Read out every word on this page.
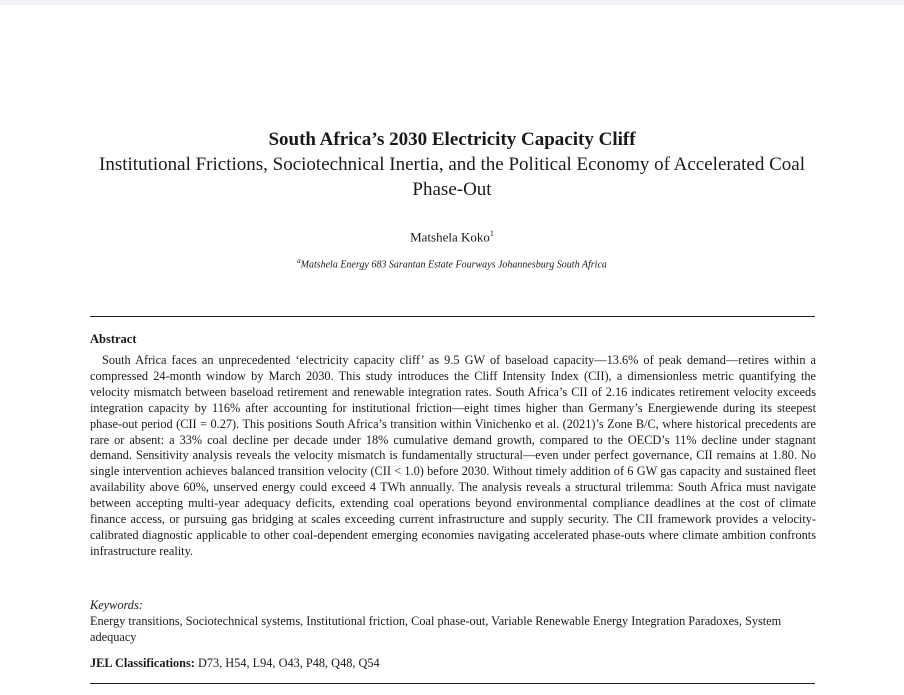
South Africa’s 2030 Electricity Capacity Cliff
Institutional Frictions, Sociotechnical Inertia, and the Political Economy of Accelerated Coal Phase-Out
Matshela Koko$^1$
$^a$Matshela Energy 683 Sarantan Estate Fourways Johannesburg South Africa
Abstract

South Africa faces an unprecedented ‘electricity capacity cliff’ as 9.5 GW of baseload capacity—13.6% of peak demand—retires within a compressed 24-month window by March 2030. This study introduces the Cliff Intensity Index (CII), a dimensionless metric quantifying the velocity mismatch between baseload retirement and renewable integration rates. South Africa’s CII of 2.16 indicates retirement velocity exceeds integration capacity by 116% after accounting for institutional friction—eight times higher than Germany’s Energiewende during its steepest phase-out period (CII = 0.27). This positions South Africa’s transition within Vinichenko et al. (2021)’s Zone B/C, where historical precedents are rare or absent: a 33% coal decline per decade under 18% cumulative demand growth, compared to the OECD’s 11% decline under stagnant demand. Sensitivity analysis reveals the velocity mismatch is fundamentally structural—even under perfect governance, CII remains at 1.80. No single intervention achieves balanced transition velocity (CII < 1.0) before 2030. Without timely addition of 6 GW gas capacity and sustained fleet availability above 60%, unserved energy could exceed 4 TWh annually. The analysis reveals a structural trilemma: South Africa must navigate between accepting multi-year adequacy deficits, extending coal operations beyond environmental compliance deadlines at the cost of climate finance access, or pursuing gas bridging at scales exceeding current infrastructure and supply security. The CII framework provides a velocity-calibrated diagnostic applicable to other coal-dependent emerging economies navigating accelerated phase-outs where climate ambition confronts infrastructure reality.

Keywords:
Energy transitions, Sociotechnical systems, Institutional friction, Coal phase-out, Variable Renewable Energy Integration Paradoxes, System adequacy
JEL Classifications: D73, H54, L94, O43, P48, Q48, Q54
